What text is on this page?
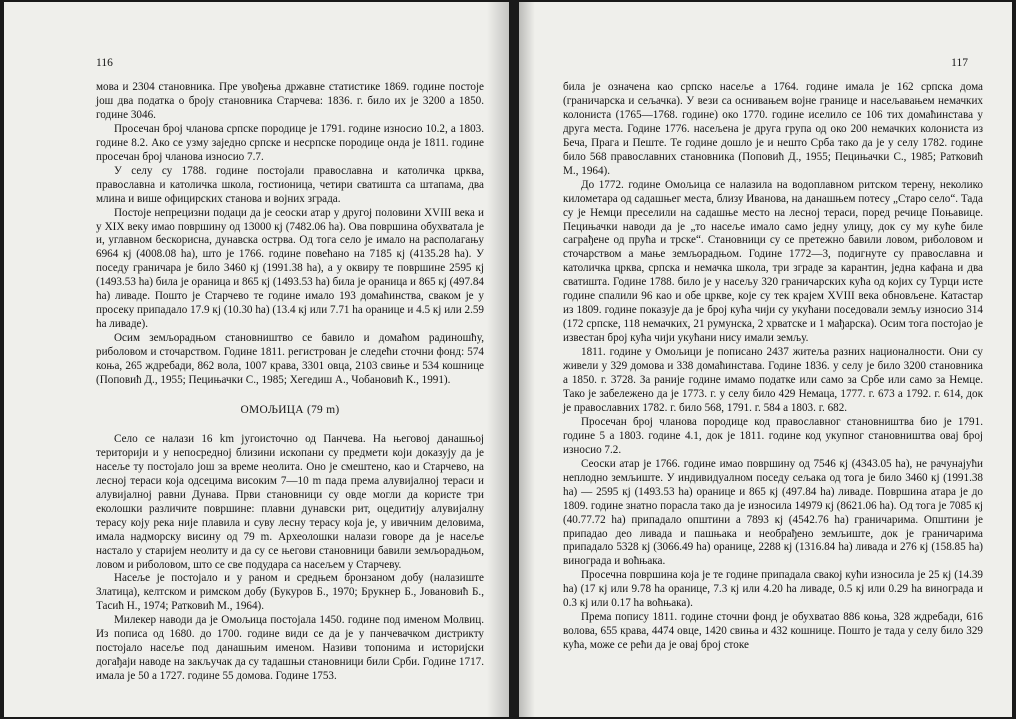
116

мова и 2304 становника. Пре увођења државне статистике 1869. године постоје још два податка о броју становника Старчева: 1836. г. било их је 3200 а 1850. године 3046.

Просечан број чланова српске породице је 1791. године износио 10.2, а 1803. године 8.2. Ако се узму заједно српске и несрпске породице онда је 1811. године просечан број чланова износио 7.7.

У селу су 1788. године постојали православна и католичка црква, православна и католичка школа, гостионица, четири сватишта са штапама, два млина и више официрских станова и војних зграда.

Постоје непрецизни подаци да је сеоски атар у другој половини XVIII века и у XIX веку имао површину од 13000 кј (7482.06 ha). Ова површина обухватала је и, углавном бескорисна, дунавска острва. Од тога село је имало на располагању 6964 кј (4008.08 ha), што је 1766. године повећано на 7185 кј (4135.28 ha). У поседу граничара је било 3460 кј (1991.38 ha), а у оквиру те површине 2595 кј (1493.53 ha) била је ораница и 865 кј (1493.53 ha) била је ораница и 865 кј (497.84 ha) ливаде. Пошто је Старчево те године имало 193 домаћинства, сваком је у просеку припадало 17.9 кј (10.30 ha) (13.4 кј или 7.71 ha оранице и 4.5 кј или 2.59 ha ливаде).

Осим земљорадњом становништво се бавило и домаћом радиношћу, риболовом и сточарством. Године 1811. регистрован је следећи сточни фонд: 574 коња, 265 ждребади, 862 вола, 1007 крава, 3301 овца, 2103 свиње и 534 кошнице (Поповић Д., 1955; Пецињачки С., 1985; Хегедиш А., Чобановић К., 1991).

ОМОЉИЦА (79 m)

Село се налази 16 km југоисточно од Панчева. На његовој данашњој територији и у непосредној близини ископани су предмети који доказују да је насеље ту постојало још за време неолита. Оно је смештено, као и Старчево, на лесној тераси којa одсецима високим 7—10 m пада према алувијалној тераси и алувијалној равни Дунава. Први становници су овде могли да користе три еколошки различите површине: плавни дунавски рит, оцедитију алувијалну терасу коју река није плавила и суву лесну терасу која је, у ивичним деловима, имала надморску висину од 79 m. Археолошки налази говоре да је насеље настало у старијем неолиту и да су се његови становници бавили земљорадњом, ловом и риболовом, што се све подудара са насељем у Старчеву.

Насеље је постојало и у раном и средњем бронзаном добу (налазиште Златица), келтском и римском добу (Букуров Б., 1970; Брукнер Б., Јовановић Б., Тасић Н., 1974; Ратковић М., 1964).

Милекер наводи да је Омољица постојала 1450. године под именом Молвиц. Из пописа од 1680. до 1700. године види се да је у панчевачком дистрикту постојало насеље под данашњим именом. Називи топонима и историјски догађаји наводе на закључак да су тадашњи становници били Срби. Године 1717. имала је 50 а 1727. године 55 домова. Године 1753.

117

била је означена као српско насеље а 1764. године имала је 162 српска дома (граничарска и сељачка). У вези са оснивањем војне границе и насељавањем немачких колониста (1765—1768. године) око 1770. године иселило се 106 тих домаћинстава у друга места. Године 1776. насељена је друга група од око 200 немачких колониста из Беча, Прага и Пеште. Те године дошло је и нешто Срба тако да је у селу 1782. године било 568 православних становника (Поповић Д., 1955; Пецињачки С., 1985; Ратковић М., 1964).

До 1772. године Омољица се налазила на водоплавном ритском терену, неколико километара од садашњег места, близу Иванова, на данашњем потесу „Старо село“. Тада су је Немци преселили на садашње место на лесној тераси, поред речице Поњавице. Пецињачки наводи да је „то насеље имало само једну улицу, док су му куће биле саграђене од прућа и трске“. Становници су се претежно бавили ловом, риболовом и сточарством а мање земљорадњом. Године 1772—3, подигнуте су православна и католичка црква, српска и немачка школа, три зграде за карантин, једна кафана и два сватишта. Године 1788. било је у насељу 320 граничарских кућа од којих су Турци исте године спалили 96 као и обе цркве, које су тек крајем XVIII века обновљене. Катастар из 1809. године показује да је број кућа чији су укућани поседовали земљу износио 314 (172 српске, 118 немачких, 21 румунска, 2 хрватске и 1 мађарска). Осим тога постојао је известан број кућа чији укућани нису имали земљу.

1811. године у Омољици је пописано 2437 житеља разних националности. Они су живели у 329 домова и 338 домаћинстава. Године 1836. у селу је било 3200 становника а 1850. г. 3728. За раније године имамо податке или само за Србе или само за Немце. Тако је забележено да је 1773. г. у селу било 429 Немаца, 1777. г. 673 а 1792. г. 614, док је православних 1782. г. било 568, 1791. г. 584 а 1803. г. 682.

Просечан број чланова породице код православног становништва био је 1791. године 5 а 1803. године 4.1, док је 1811. године код укупног становништва овај број износио 7.2.

Сеоски атар је 1766. године имао површину од 7546 кј (4343.05 ha), не рачунајући неплодно земљиште. У индивидуалном поседу сељака од тога је било 3460 кј (1991.38 ha) — 2595 кј (1493.53 ha) оранице и 865 кј (497.84 ha) ливаде. Површина атара је до 1809. године знатно порасла тако да је износила 14979 кј (8621.06 ha). Од тога је 7085 кј (40.77.72 ha) припадало општини а 7893 кј (4542.76 ha) граничарима. Општини је припадао део ливада и пашњака и необрађено земљиште, док је граничарима припадало 5328 кј (3066.49 ha) оранице, 2288 кј (1316.84 ha) ливада и 276 кј (158.85 ha) винограда и воћњака.

Просечна површина која је те године припадала свакој кући износила је 25 кј (14.39 ha) (17 кј или 9.78 ha оранице, 7.3 кј или 4.20 ha ливаде, 0.5 кј или 0.29 ha винограда и 0.3 кј или 0.17 ha воћњака).

Према попису 1811. године сточни фонд је обухватао 886 коња, 328 ждребади, 616 волова, 655 крава, 4474 овце, 1420 свиња и 432 кошнице. Пошто је тада у селу било 329 кућа, може се рећи да је овај број стоке
